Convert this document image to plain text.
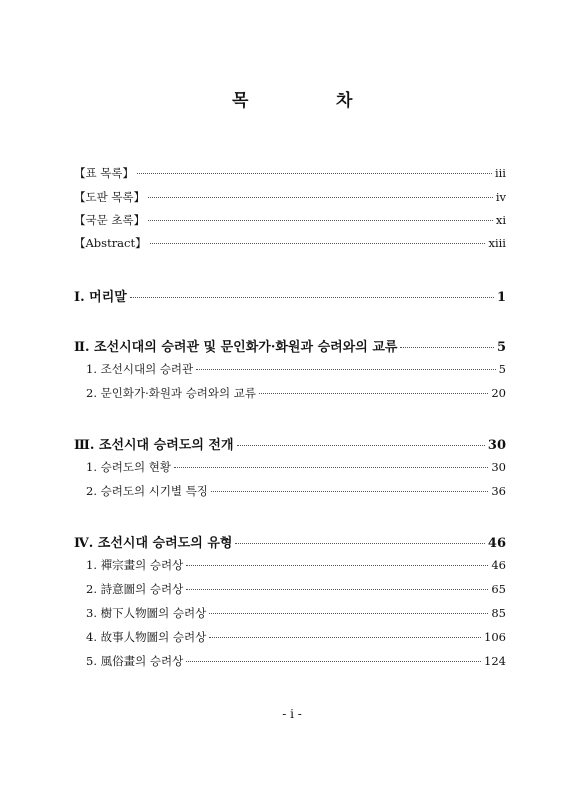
목	차
【표 목록】	iii
【도판 목록】	iv
【국문 초록】	xi
【Abstract】	xiii
Ⅰ. 머리말	1
Ⅱ. 조선시대의 승려관 및 문인화가·화원과 승려와의 교류	5
1. 조선시대의 승려관	5
2. 문인화가·화원과 승려와의 교류	20
Ⅲ. 조선시대 승려도의 전개	30
1. 승려도의 현황	30
2. 승려도의 시기별 특징	36
Ⅳ. 조선시대 승려도의 유형	46
1. 禪宗畫의 승려상	46
2. 詩意圖의 승려상	65
3. 樹下人物圖의 승려상	85
4. 故事人物圖의 승려상	106
5. 風俗畫의 승려상	124
- i -
